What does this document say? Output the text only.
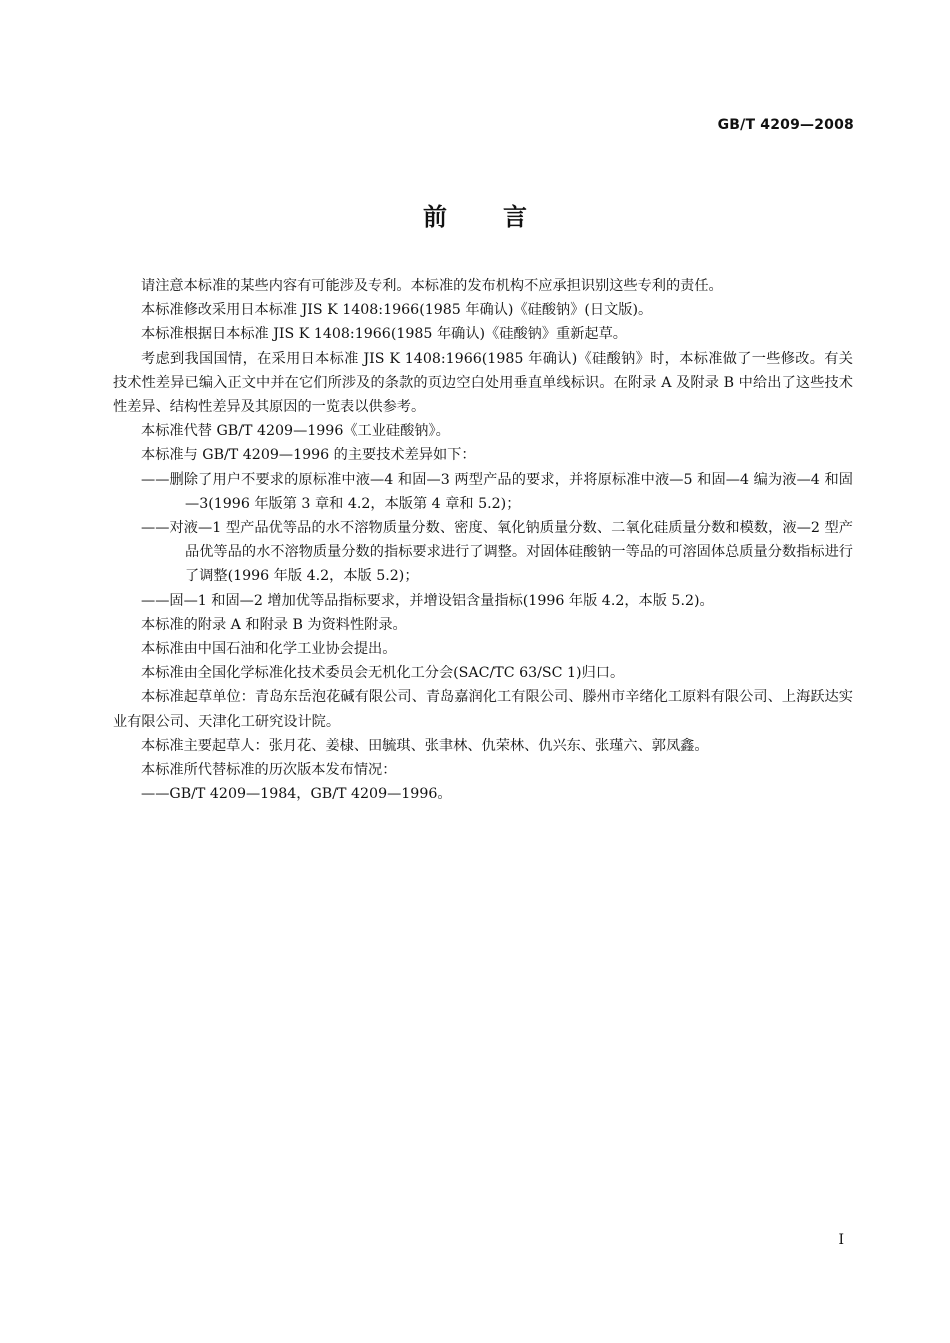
GB/T 4209—2008
前言

请注意本标准的某些内容有可能涉及专利。本标准的发布机构不应承担识别这些专利的责任。

本标准修改采用日本标准 JIS K 1408:1966(1985 年确认)《硅酸钠》(日文版)。

本标准根据日本标准 JIS K 1408:1966(1985 年确认)《硅酸钠》重新起草。

考虑到我国国情，在采用日本标准 JIS K 1408:1966(1985 年确认)《硅酸钠》时，本标准做了一些修改。有关技术性差异已编入正文中并在它们所涉及的条款的页边空白处用垂直单线标识。在附录 A 及附录 B 中给出了这些技术性差异、结构性差异及其原因的一览表以供参考。

本标准代替 GB/T 4209—1996《工业硅酸钠》。

本标准与 GB/T 4209—1996 的主要技术差异如下：

——删除了用户不要求的原标准中液—4 和固—3 两型产品的要求，并将原标准中液—5 和固—4 编为液—4 和固—3(1996 年版第 3 章和 4.2，本版第 4 章和 5.2)；

——对液—1 型产品优等品的水不溶物质量分数、密度、氧化钠质量分数、二氧化硅质量分数和模数，液—2 型产品优等品的水不溶物质量分数的指标要求进行了调整。对固体硅酸钠一等品的可溶固体总质量分数指标进行了调整(1996 年版 4.2，本版 5.2)；

——固—1 和固—2 增加优等品指标要求，并增设铝含量指标(1996 年版 4.2，本版 5.2)。

本标准的附录 A 和附录 B 为资料性附录。

本标准由中国石油和化学工业协会提出。

本标准由全国化学标准化技术委员会无机化工分会(SAC/TC 63/SC 1)归口。

本标准起草单位：青岛东岳泡花碱有限公司、青岛嘉润化工有限公司、滕州市辛绪化工原料有限公司、上海跃达实业有限公司、天津化工研究设计院。

本标准主要起草人：张月花、姜棣、田毓琪、张聿林、仇荣林、仇兴东、张瑾六、郭凤鑫。

本标准所代替标准的历次版本发布情况：

——GB/T 4209—1984，GB/T 4209—1996。

I
